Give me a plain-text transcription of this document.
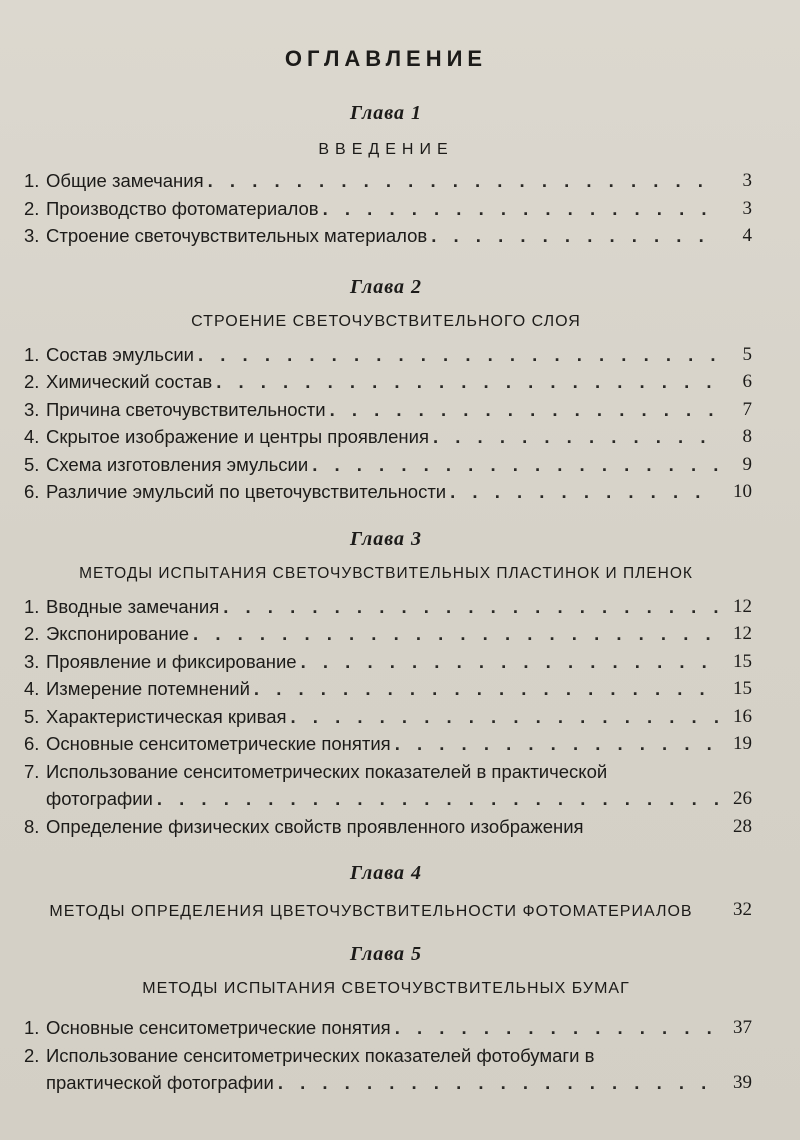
ОГЛАВЛЕНИЕ

Глава 1

ВВЕДЕНИЕ

1. Общие замечания . . .	3
2. Производство фотоматериалов . . .	3
3. Строение светочувствительных материалов . . .	4

Глава 2

СТРОЕНИЕ СВЕТОЧУВСТВИТЕЛЬНОГО СЛОЯ

1. Состав эмульсии . . .	5
2. Химический состав . . .	6
3. Причина светочувствительности . . .	7
4. Скрытое изображение и центры проявления . . .	8
5. Схема изготовления эмульсии . . .	9
6. Различие эмульсий по цветочувствительности . . .	10

Глава 3

МЕТОДЫ ИСПЫТАНИЯ СВЕТОЧУВСТВИТЕЛЬНЫХ ПЛАСТИНОК И ПЛЕНОК

1. Вводные замечания . . .	12
2. Экспонирование . . .	12
3. Проявление и фиксирование . . .	15
4. Измерение потемнений . . .	15
5. Характеристическая кривая . . .	16
6. Основные сенситометрические понятия . . .	19
7. Использование сенситометрических показателей в практической
фотографии . . .	26
8. Определение физических свойств проявленного изображения	28

Глава 4

МЕТОДЫ ОПРЕДЕЛЕНИЯ ЦВЕТОЧУВСТВИТЕЛЬНОСТИ ФОТОМАТЕРИАЛОВ	32

Глава 5

МЕТОДЫ ИСПЫТАНИЯ СВЕТОЧУВСТВИТЕЛЬНЫХ БУМАГ

1. Основные сенситометрические понятия . . .	37
2. Использование сенситометрических показателей фотобумаги в
практической фотографии . . .	39
